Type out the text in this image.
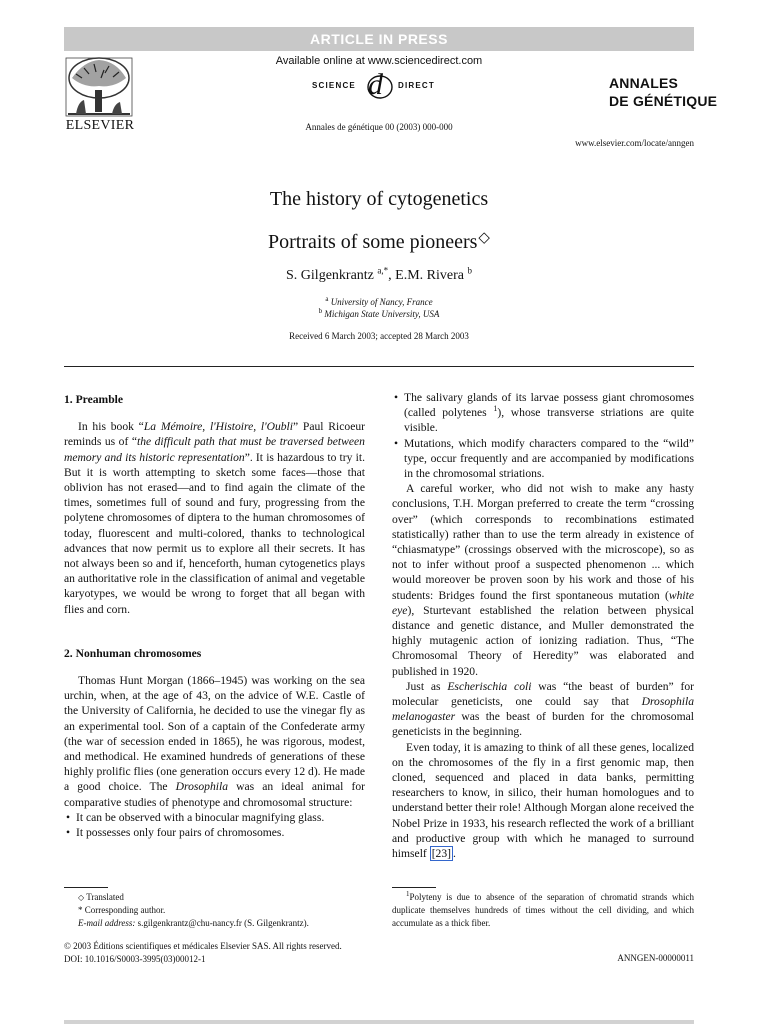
ARTICLE IN PRESS
ELSEVIER
Available online at www.sciencedirect.com
SCIENCE d DIRECT
Annales de génétique 00 (2003) 000-000
ANNALES
DE GÉNÉTIQUE
www.elsevier.com/locate/anngen
The history of cytogenetics
Portraits of some pioneers◇
S. Gilgenkrantz $^{a,*}$, E.M. Rivera $^b$
$^a$ University of Nancy, France
$^b$ Michigan State University, USA
Received 6 March 2003; accepted 28 March 2003
1. Preamble

In his book “La Mémoire, l'Histoire, l'Oubli” Paul Ricoeur reminds us of “the difficult path that must be traversed between memory and its historic representation”. It is hazardous to try it. But it is worth attempting to sketch some faces—those that oblivion has not erased—and to find again the climate of the times, sometimes full of sound and fury, progressing from the polytene chromosomes of diptera to the human chromosomes of today, fluorescent and multi-colored, thanks to technological advances that now permit us to explore all their secrets. It has not always been so and if, henceforth, human cytogenetics plays an authoritative role in the classification of animal and vegetable karyotypes, we would be wrong to forget that all began with flies and corn.

2. Nonhuman chromosomes

Thomas Hunt Morgan (1866–1945) was working on the sea urchin, when, at the age of 43, on the advice of W.E. Castle of the University of California, he decided to use the vinegar fly as an experimental tool. Son of a captain of the Confederate army (the war of secession ended in 1865), he was rigorous, modest, and methodical. He examined hundreds of generations of these highly prolific flies (one generation occurs every 12 d). He made a good choice. The Drosophila was an ideal animal for comparative studies of phenotype and chromosomal structure:

• It can be observed with a binocular magnifying glass.
• It possesses only four pairs of chromosomes.
• The salivary glands of its larvae possess giant chromosomes (called polytenes $^1$), whose transverse striations are quite visible.
• Mutations, which modify characters compared to the “wild” type, occur frequently and are accompanied by modifications in the chromosomal striations.

A careful worker, who did not wish to make any hasty conclusions, T.H. Morgan preferred to create the term “crossing over” (which corresponds to recombinations estimated statistically) rather than to use the term already in existence of “chiasmatype” (crossings observed with the microscope), so as not to infer without proof a suspected phenomenon ... which would moreover be proven soon by his work and those of his students: Bridges found the first spontaneous mutation (white eye), Sturtevant established the relation between physical distance and genetic distance, and Muller demonstrated the highly mutagenic action of ionizing radiation. Thus, “The Chromosomal Theory of Heredity” was elaborated and published in 1920.

Just as Escherischia coli was “the beast of burden” for molecular geneticists, one could say that Drosophila melanogaster was the beast of burden for the chromosomal geneticists in the beginning.

Even today, it is amazing to think of all these genes, localized on the chromosomes of the fly in a first genomic map, then cloned, sequenced and placed in data banks, permitting researchers to know, in silico, their human homologues and to understand better their role! Although Morgan alone received the Nobel Prize in 1933, his research reflected the work of a brilliant and productive group with which he managed to surround himself [23] .

◇ Translated
* Corresponding author.
E-mail address: s.gilgenkrantz@chu-nancy.fr (S. Gilgenkrantz).
$^1$Polyteny is due to absence of the separation of chromatid strands which duplicate themselves hundreds of times without the cell dividing, and which accumulate as a thick fiber.
© 2003 Éditions scientifiques et médicales Elsevier SAS. All rights reserved.
DOI: 10.1016/S0003-3995(03)00012-1	ANNGEN-00000011
